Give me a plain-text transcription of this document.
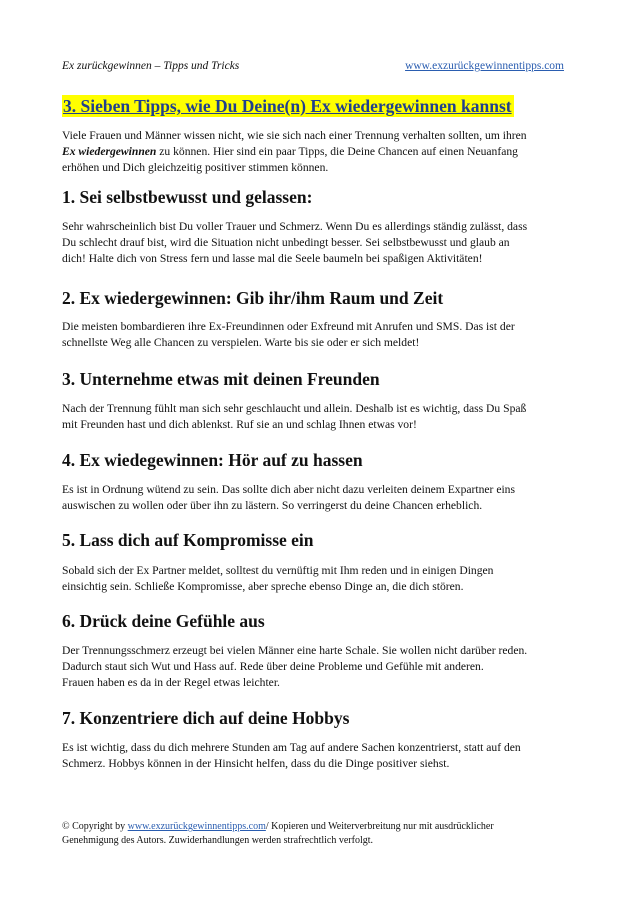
Ex zurückgewinnen – Tipps und Tricks	www.exzurückgewinnentipps.com
3. Sieben Tipps, wie Du Deine(n) Ex wiedergewinnen kannst

Viele Frauen und Männer wissen nicht, wie sie sich nach einer Trennung verhalten sollten, um ihren
Ex wiedergewinnen zu können. Hier sind ein paar Tipps, die Deine Chancen auf einen Neuanfang
erhöhen und Dich gleichzeitig positiver stimmen können.

1. Sei selbstbewusst und gelassen:

Sehr wahrscheinlich bist Du voller Trauer und Schmerz. Wenn Du es allerdings ständig zulässt, dass
Du schlecht drauf bist, wird die Situation nicht unbedingt besser. Sei selbstbewusst und glaub an
dich! Halte dich von Stress fern und lasse mal die Seele baumeln bei spaßigen Aktivitäten!

2. Ex wiedergewinnen: Gib ihr/ihm Raum und Zeit

Die meisten bombardieren ihre Ex-Freundinnen oder Exfreund mit Anrufen und SMS. Das ist der
schnellste Weg alle Chancen zu verspielen. Warte bis sie oder er sich meldet!

3. Unternehme etwas mit deinen Freunden

Nach der Trennung fühlt man sich sehr geschlaucht und allein. Deshalb ist es wichtig, dass Du Spaß
mit Freunden hast und dich ablenkst. Ruf sie an und schlag Ihnen etwas vor!

4. Ex wiedegewinnen: Hör auf zu hassen

Es ist in Ordnung wütend zu sein. Das sollte dich aber nicht dazu verleiten deinem Expartner eins
auswischen zu wollen oder über ihn zu lästern. So verringerst du deine Chancen erheblich.

5. Lass dich auf Kompromisse ein

Sobald sich der Ex Partner meldet, solltest du vernüftig mit Ihm reden und in einigen Dingen
einsichtig sein. Schließe Kompromisse, aber spreche ebenso Dinge an, die dich stören.

6. Drück deine Gefühle aus

Der Trennungsschmerz erzeugt bei vielen Männer eine harte Schale. Sie wollen nicht darüber reden.
Dadurch staut sich Wut und Hass auf. Rede über deine Probleme und Gefühle mit anderen.
Frauen haben es da in der Regel etwas leichter.

7. Konzentriere dich auf deine Hobbys

Es ist wichtig, dass du dich mehrere Stunden am Tag auf andere Sachen konzentrierst, statt auf den
Schmerz. Hobbys können in der Hinsicht helfen, dass du die Dinge positiver siehst.

© Copyright by www.exzurückgewinnentipps.com/ Kopieren und Weiterverbreitung nur mit ausdrücklicher
Genehmigung des Autors. Zuwiderhandlungen werden strafrechtlich verfolgt.
